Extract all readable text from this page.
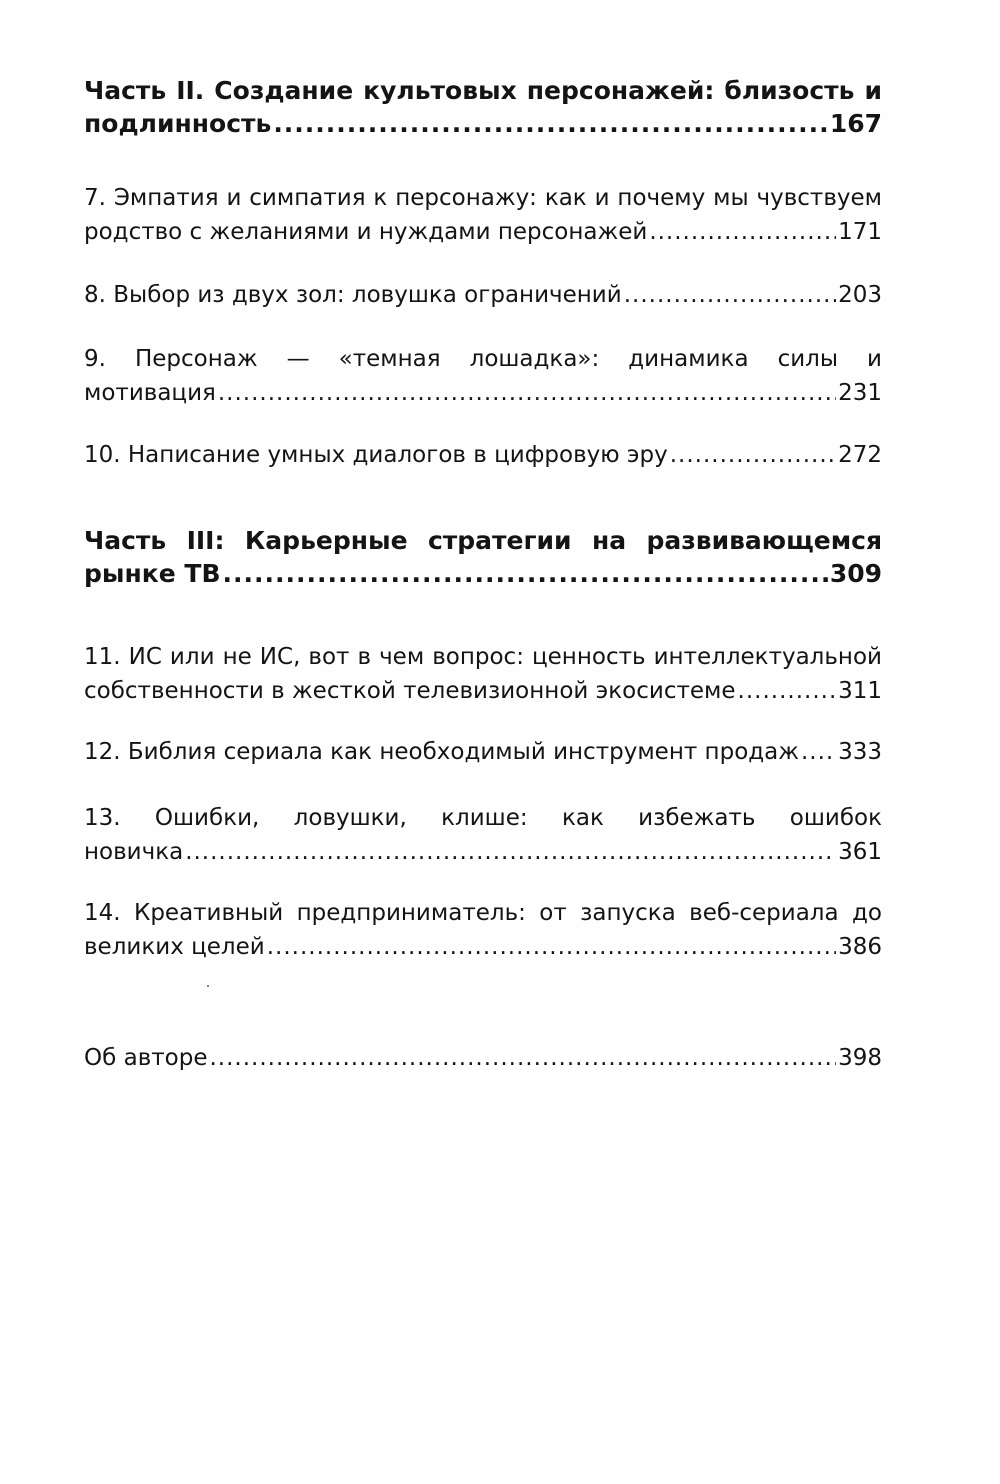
Часть II. Создание культовых персонажей: близость и
подлинность .....	167
7. Эмпатия и симпатия к персонажу: как и почему мы чувствуем
родство с желаниями и нуждами персонажей .....	171
8. Выбор из двух зол: ловушка ограничений .....	203
9. Персонаж — «темная лошадка»: динамика силы и
мотивация .....	231
10. Написание умных диалогов в цифровую эру .....	272
Часть III: Карьерные стратегии на развивающемся
рынке ТВ .....	309
11. ИС или не ИС, вот в чем вопрос: ценность интеллектуальной
собственности в жесткой телевизионной экосистеме .....	311
12. Библия сериала как необходимый инструмент продаж ..... 333
13. Ошибки, ловушки, клише: как избежать ошибок
новичка .....	361
14. Креативный предприниматель: от запуска веб-сериала до
великих целей .....	386
Об авторе .....	398
